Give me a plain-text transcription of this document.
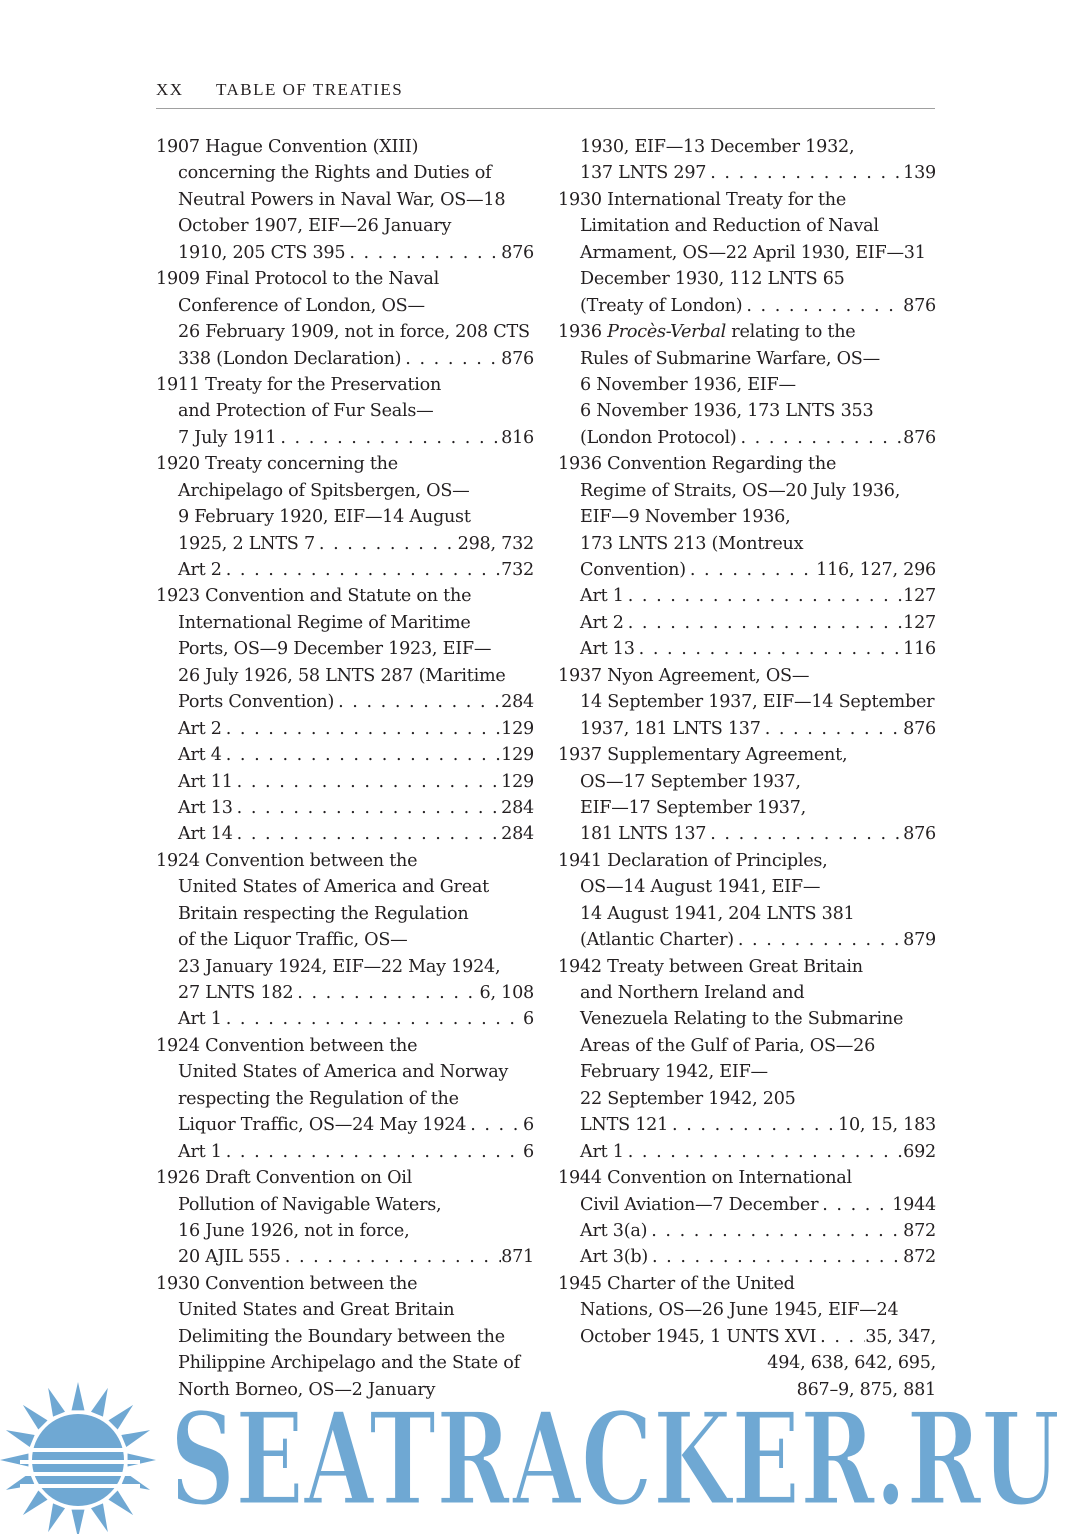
XX TABLE OF TREATIES
1907 Hague Convention (XIII)
concerning the Rights and Duties of
Neutral Powers in Naval War, OS—18
October 1907, EIF—26 January
1910, 205 CTS 395 . . .	876
1909 Final Protocol to the Naval
Conference of London, OS—
26 February 1909, not in force, 208 CTS
338 (London Declaration) . . .	876
1911 Treaty for the Preservation
and Protection of Fur Seals—
7 July 1911 . . .	816
1920 Treaty concerning the
Archipelago of Spitsbergen, OS—
9 February 1920, EIF—14 August
1925, 2 LNTS 7 . . .	298, 732
Art 2 . . .	732
1923 Convention and Statute on the
International Regime of Maritime
Ports, OS—9 December 1923, EIF—
26 July 1926, 58 LNTS 287 (Maritime
Ports Convention) . . .	284
Art 2 . . .	129
Art 4 . . .	129
Art 11 . . .	129
Art 13 . . .	284
Art 14 . . .	284
1924 Convention between the
United States of America and Great
Britain respecting the Regulation
of the Liquor Traffic, OS—
23 January 1924, EIF—22 May 1924,
27 LNTS 182 . . .	6, 108
Art 1 . . .	6
1924 Convention between the
United States of America and Norway
respecting the Regulation of the
Liquor Traffic, OS—24 May 1924 . . .	6
Art 1 . . .	6
1926 Draft Convention on Oil
Pollution of Navigable Waters,
16 June 1926, not in force,
20 AJIL 555 . . .	871
1930 Convention between the
United States and Great Britain
Delimiting the Boundary between the
Philippine Archipelago and the State of
North Borneo, OS—2 January
1930, EIF—13 December 1932,
137 LNTS 297 . . .	139
1930 International Treaty for the
Limitation and Reduction of Naval
Armament, OS—22 April 1930, EIF—31
December 1930, 112 LNTS 65
(Treaty of London) . . .	876
1936 Procès-Verbal relating to the
Rules of Submarine Warfare, OS—
6 November 1936, EIF—
6 November 1936, 173 LNTS 353
(London Protocol) . . .	876
1936 Convention Regarding the
Regime of Straits, OS—20 July 1936,
EIF—9 November 1936,
173 LNTS 213 (Montreux
Convention) . . .	116, 127, 296
Art 1 . . .	127
Art 2 . . .	127
Art 13 . . .	116
1937 Nyon Agreement, OS—
14 September 1937, EIF—14 September
1937, 181 LNTS 137 . . .	876
1937 Supplementary Agreement,
OS—17 September 1937,
EIF—17 September 1937,
181 LNTS 137 . . .	876
1941 Declaration of Principles,
OS—14 August 1941, EIF—
14 August 1941, 204 LNTS 381
(Atlantic Charter) . . .	879
1942 Treaty between Great Britain
and Northern Ireland and
Venezuela Relating to the Submarine
Areas of the Gulf of Paria, OS—26
February 1942, EIF—
22 September 1942, 205
LNTS 121 . . .	10, 15, 183
Art 1 . . .	692
1944 Convention on International
Civil Aviation—7 December . . .	1944
Art 3(a) . . .	872
Art 3(b) . . .	872
1945 Charter of the United
Nations, OS—26 June 1945, EIF—24
October 1945, 1 UNTS XVI . . .	35, 347,
494, 638, 642, 695,
867–9, 875, 881
SEATRACKER.RU
